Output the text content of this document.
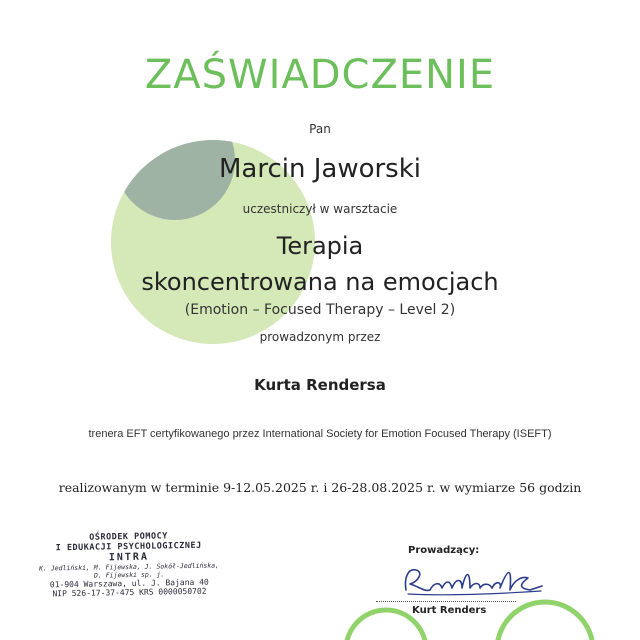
ZAŚWIADCZENIE
Pan
Marcin Jaworski
uczestniczył w warsztacie
Terapia
skoncentrowana na emocjach
(Emotion – Focused Therapy – Level 2)
prowadzonym przez
Kurta Rendersa
trenera EFT certyfikowanego przez International Society for Emotion Focused Therapy (ISEFT)
realizowanym w terminie 9-12.05.2025 r. i 26-28.08.2025 r. w wymiarze 56 godzin
OŚRODEK POMOCY
I EDUKACJI PSYCHOLOGICZNEJ
INTRA
K. Jedliński, M. Fijewska, J. Sokół-Jedlińska, D. Fijewski sp. j.
01-904 Warszawa, ul. J. Bajana 40
NIP 526-17-37-475 KRS 0000050702
Prowadzący:
Kurt Renders
